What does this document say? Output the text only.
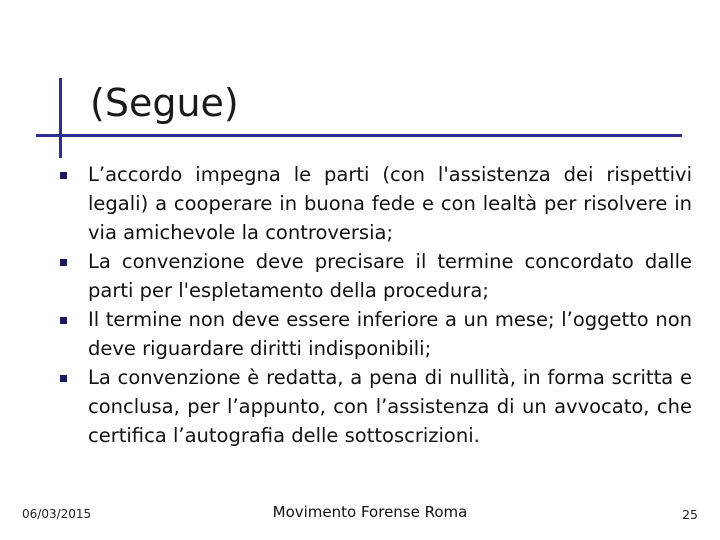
(Segue)

L’accordo impegna le parti (con l'assistenza dei rispettivi legali) a cooperare in buona fede e con lealtà per risolvere in via amichevole la controversia;

La convenzione deve precisare il termine concordato dalle parti per l'espletamento della procedura;

Il termine non deve essere inferiore a un mese; l’oggetto non deve riguardare diritti indisponibili;

La convenzione è redatta, a pena di nullità, in forma scritta e conclusa, per l’appunto, con l’assistenza di un avvocato, che certifica l’autografia delle sottoscrizioni.

06/03/2015	Movimento Forense Roma	25
